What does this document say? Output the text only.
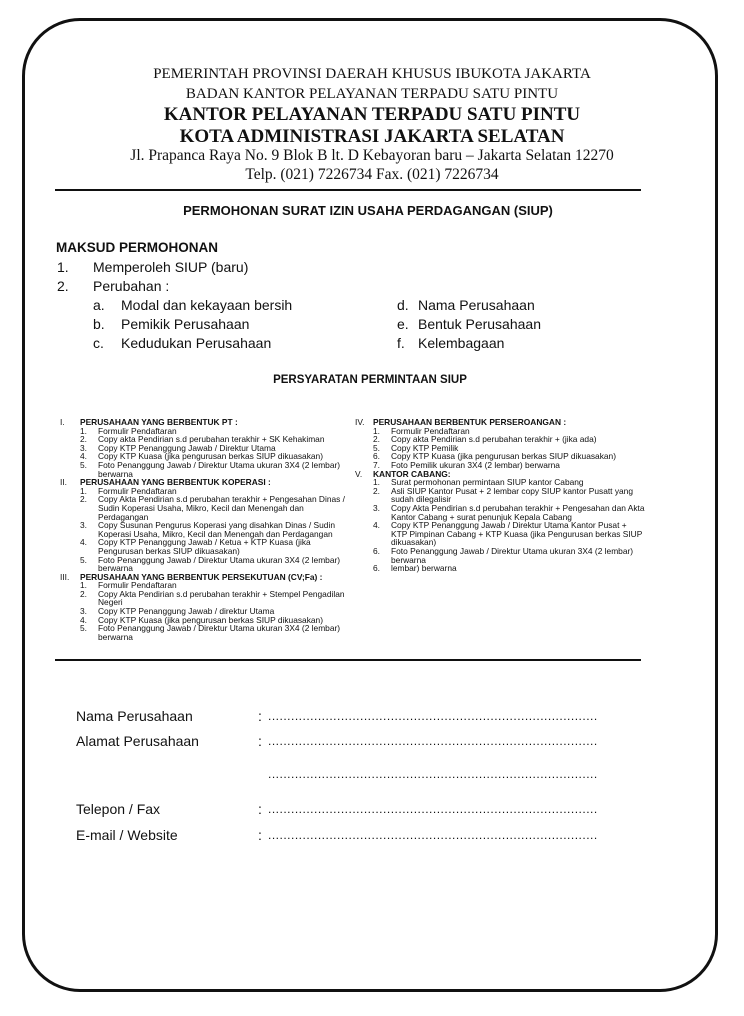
PEMERINTAH PROVINSI DAERAH KHUSUS IBUKOTA JAKARTA
BADAN KANTOR PELAYANAN TERPADU SATU PINTU
KANTOR PELAYANAN TERPADU SATU PINTU
KOTA ADMINISTRASI JAKARTA SELATAN
Jl. Prapanca Raya No. 9 Blok B lt. D Kebayoran baru – Jakarta Selatan 12270
Telp. (021) 7226734 Fax. (021) 7226734
PERMOHONAN SURAT IZIN USAHA PERDAGANGAN (SIUP)
MAKSUD PERMOHONAN
1. Memperoleh SIUP (baru)
2. Perubahan :
a. Modal dan kekayaan bersih
b. Pemikik Perusahaan
c. Kedudukan Perusahaan
d. Nama Perusahaan
e. Bentuk Perusahaan
f. Kelembagaan
PERSYARATAN PERMINTAAN SIUP
I.	PERUSAHAAN YANG BERBENTUK PT :
1. Formulir Pendaftaran
2. Copy akta Pendirian s.d perubahan terakhir + SK Kehakiman
3. Copy KTP Penanggung Jawab / Direktur Utama
4. Copy KTP Kuasa (jika pengurusan berkas SIUP dikuasakan)
5. Foto Penanggung Jawab / Direktur Utama ukuran 3X4 (2 lembar) berwarna
II.	PERUSAHAAN YANG BERBENTUK KOPERASI :
1. Formulir Pendaftaran
2. Copy Akta Pendirian s.d perubahan terakhir + Pengesahan Dinas / Sudin Koperasi Usaha, Mikro, Kecil dan Menengah dan Perdagangan
3. Copy Susunan Pengurus Koperasi yang disahkan Dinas / Sudin Koperasi Usaha, Mikro, Kecil dan Menengah dan Perdagangan
4. Copy KTP Penanggung Jawab / Ketua + KTP Kuasa (jika Pengurusan berkas SIUP dikuasakan)
5. Foto Penanggung Jawab / Direktur Utama ukuran 3X4 (2 lembar) berwarna
III.	PERUSAHAAN YANG BERBENTUK PERSEKUTUAN (CV;Fa) :
1. Formulir Pendaftaran
2. Copy Akta Pendirian s.d perubahan terakhir + Stempel Pengadilan Negeri
3. Copy KTP Penanggung Jawab / direktur Utama
4. Copy KTP Kuasa (jika pengurusan berkas SIUP dikuasakan)
5. Foto Penanggung Jawab / Direktur Utama ukuran 3X4 (2 lembar) berwarna
IV.	PERUSAHAAN BERBENTUK PERSEROANGAN :
1. Formulir Pendaftaran
2. Copy akta Pendirian s.d perubahan terakhir + (jika ada)
5. Copy KTP Pemilik
6. Copy KTP Kuasa (jika pengurusan berkas SIUP dikuasakan)
7. Foto Pemilik ukuran 3X4 (2 lembar) berwarna
V.	KANTOR CABANG:
1. Surat permohonan permintaan SIUP kantor Cabang
2. Asli SIUP Kantor Pusat + 2 lembar copy SIUP kantor Pusatt yang sudah dilegalisir
3. Copy Akta Pendirian s.d perubahan terakhir + Pengesahan dan Akta Kantor Cabang + surat penunjuk Kepala Cabang
4. Copy KTP Penanggung Jawab / Direktur Utama Kantor Pusat + KTP Pimpinan Cabang + KTP Kuasa (jika Pengurusan berkas SIUP dikuasakan)
6. Foto Penanggung Jawab / Direktur Utama ukuran 3X4 (2 lembar) berwarna
6. lembar) berwarna
Nama Perusahaan	: ......................................................................................
Alamat Perusahaan	: ......................................................................................
......................................................................................
Telepon / Fax	: ......................................................................................
E-mail / Website	: ......................................................................................
